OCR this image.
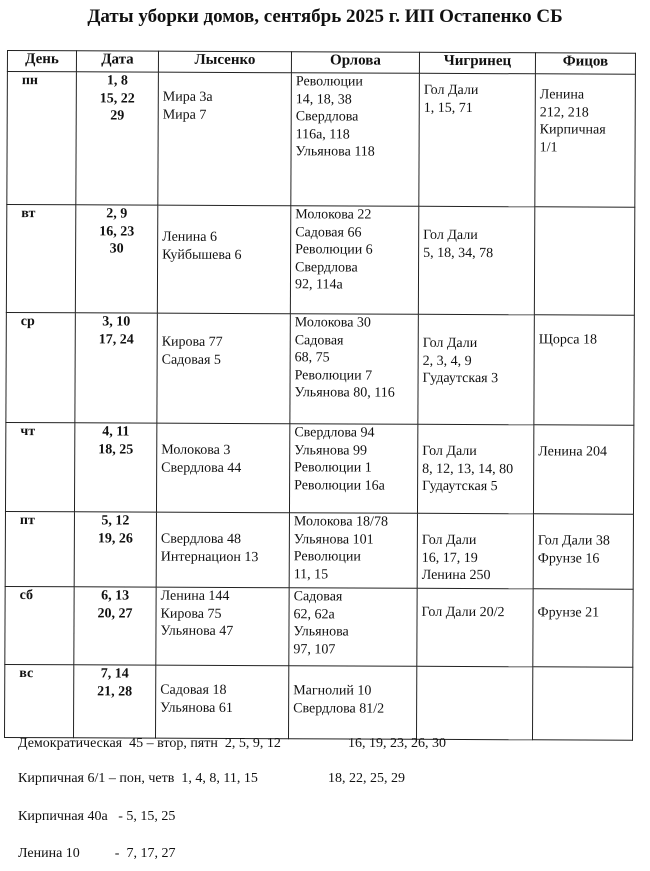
Даты уборки домов, сентябрь 2025 г. ИП Остапенко СБ
День	Дата	Лысенко	Орлова	Чигринец	Фицов
пн	1, 8
15, 22
29	Мира 3а
Мира 7	Революции
14, 18, 38
Свердлова
116а, 118
Ульянова 118	Гол Дали
1, 15, 71	Ленина
212, 218
Кирпичная
1/1

вт	2, 9
16, 23
30	Ленина 6
Куйбышева 6	Молокова 22
Садовая 66
Революции 6
Свердлова
92, 114а	Гол Дали
5, 18, 34, 78	

ср	3, 10
17, 24	Кирова 77
Садовая 5	Молокова 30
Садовая
68, 75
Революции 7
Ульянова 80, 116	Гол Дали
2, 3, 4, 9
Гудаутская 3	Щорса 18

чт	4, 11
18, 25	Молокова 3
Свердлова 44	Свердлова 94
Ульянова 99
Революции 1
Революции 16а	Гол Дали
8, 12, 13, 14, 80
Гудаутская 5	Ленина 204

пт	5, 12
19, 26	Свердлова 48
Интернацион 13	Молокова 18/78
Ульянова 101
Революции
11, 15	Гол Дали
16, 17, 19
Ленина 250	Гол Дали 38
Фрунзе 16

сб	6, 13
20, 27	Ленина 144
Кирова 75
Ульянова 47	Садовая
62, 62а
Ульянова
97, 107	Гол Дали 20/2	Фрунзе 21

вс	7, 14
21, 28	Садовая 18
Ульянова 61	Магнолий 10
Свердлова 81/2		

Демократическая  45 – втор, пятн  2, 5, 9, 12	16, 19, 23, 26, 30
Кирпичная 6/1 – пон, четв  1, 4, 8, 11, 15	18, 22, 25, 29
Кирпичная 40а   - 5, 15, 25
Ленина 10          -  7, 17, 27
